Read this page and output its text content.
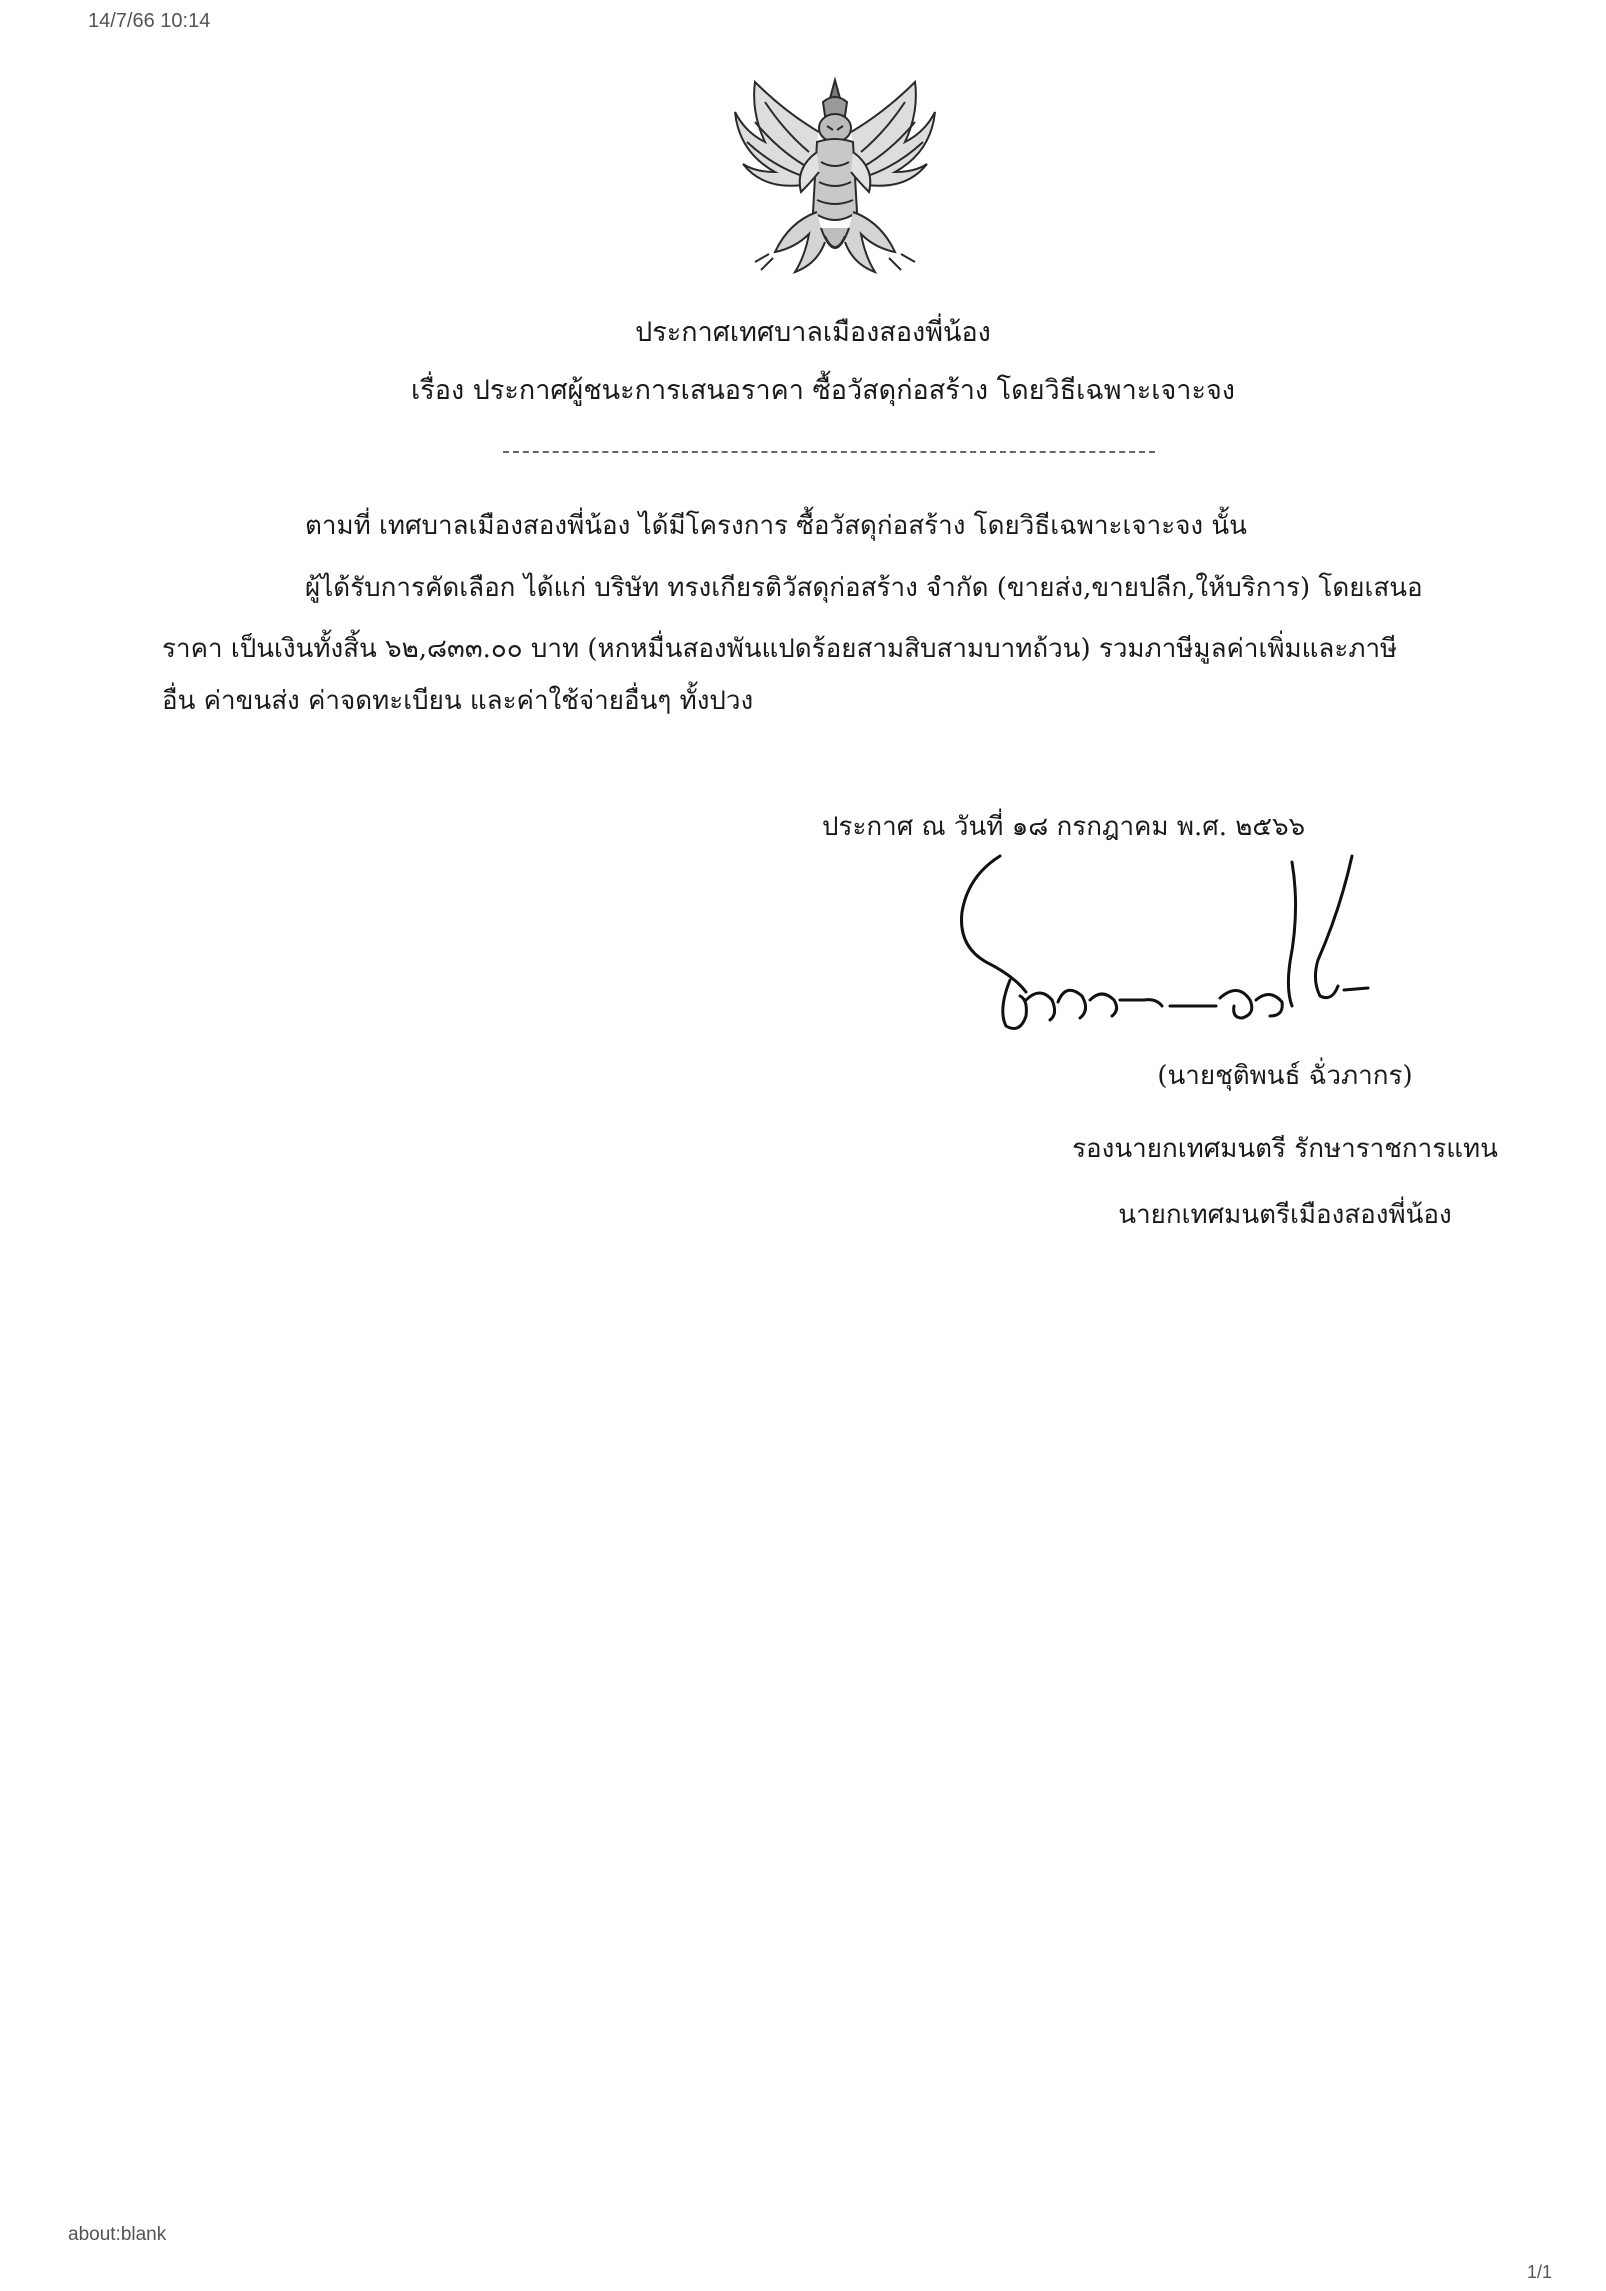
14/7/66 10:14
ประกาศเทศบาลเมืองสองพี่น้อง
เรื่อง ประกาศผู้ชนะการเสนอราคา ซื้อวัสดุก่อสร้าง โดยวิธีเฉพาะเจาะจง
ตามที่ เทศบาลเมืองสองพี่น้อง ได้มีโครงการ ซื้อวัสดุก่อสร้าง โดยวิธีเฉพาะเจาะจง นั้น
ผู้ได้รับการคัดเลือก ได้แก่ บริษัท ทรงเกียรติวัสดุก่อสร้าง จำกัด (ขายส่ง,ขายปลีก,ให้บริการ) โดยเสนอ
ราคา เป็นเงินทั้งสิ้น ๖๒,๘๓๓.๐๐ บาท (หกหมื่นสองพันแปดร้อยสามสิบสามบาทถ้วน) รวมภาษีมูลค่าเพิ่มและภาษี
อื่น ค่าขนส่ง ค่าจดทะเบียน และค่าใช้จ่ายอื่นๆ ทั้งปวง
ประกาศ ณ วันที่ ๑๘ กรกฎาคม พ.ศ. ๒๕๖๖
(นายชุติพนธ์ ฉั่วภากร)
รองนายกเทศมนตรี รักษาราชการแทน
นายกเทศมนตรีเมืองสองพี่น้อง
about:blank
1/1
